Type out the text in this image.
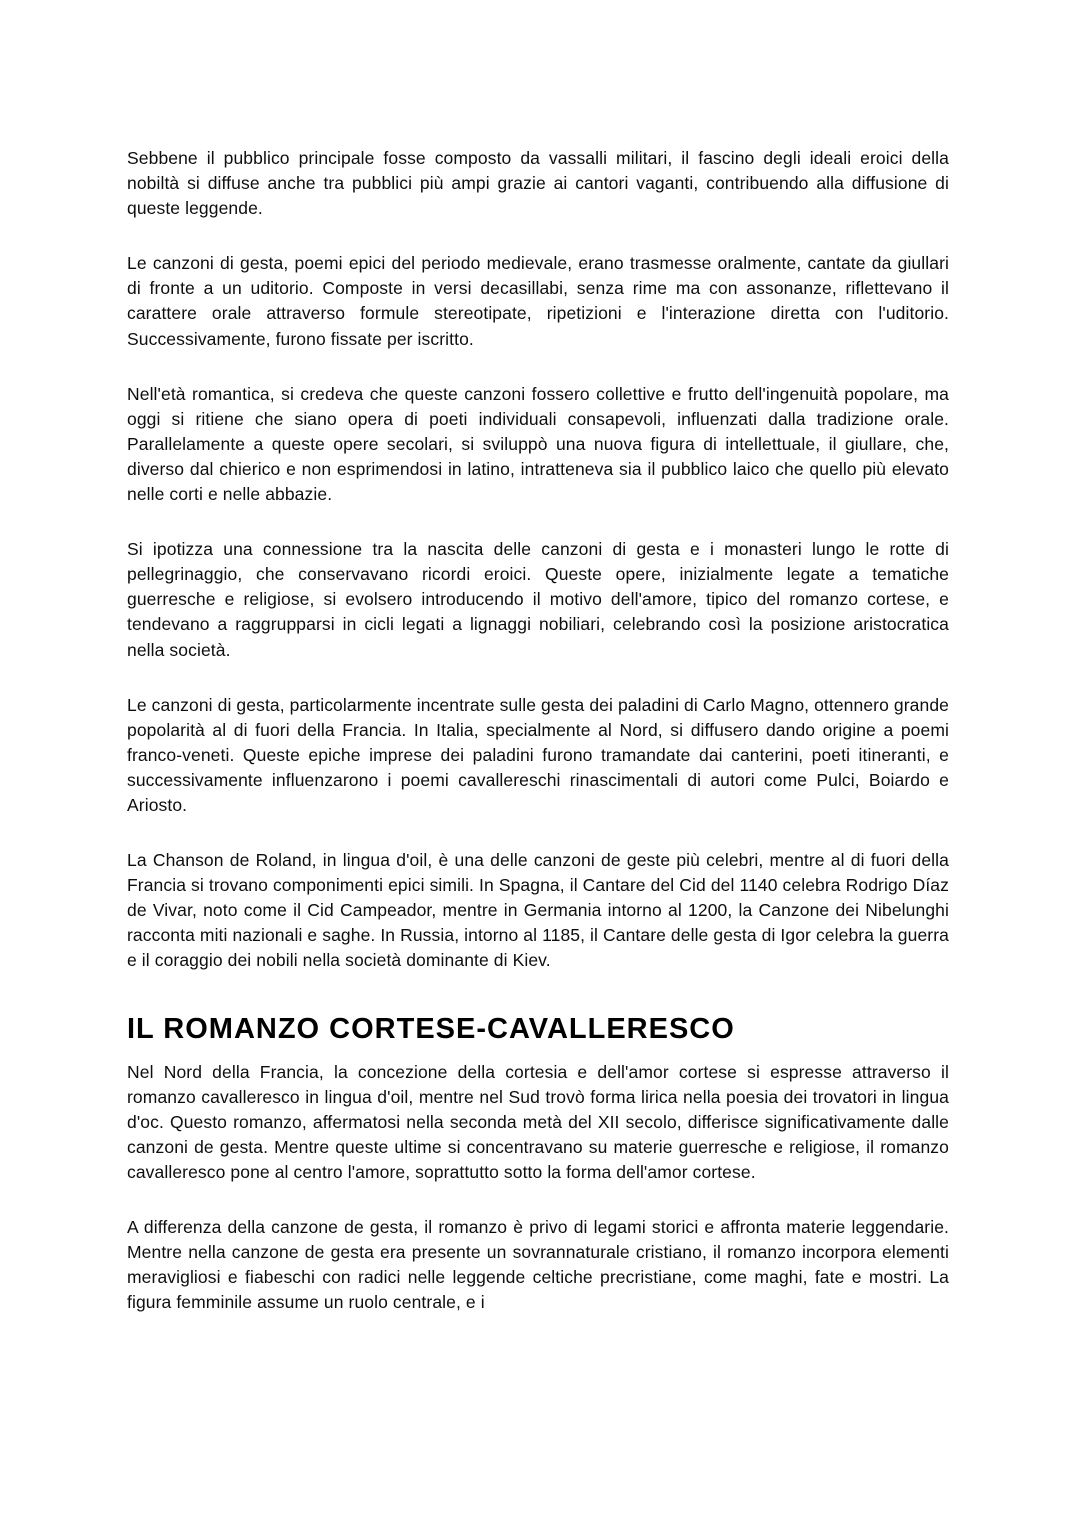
Sebbene il pubblico principale fosse composto da vassalli militari, il fascino degli ideali eroici della nobiltà si diffuse anche tra pubblici più ampi grazie ai cantori vaganti, contribuendo alla diffusione di queste leggende.

Le canzoni di gesta, poemi epici del periodo medievale, erano trasmesse oralmente, cantate da giullari di fronte a un uditorio. Composte in versi decasillabi, senza rime ma con assonanze, riflettevano il carattere orale attraverso formule stereotipate, ripetizioni e l'interazione diretta con l'uditorio. Successivamente, furono fissate per iscritto.

Nell'età romantica, si credeva che queste canzoni fossero collettive e frutto dell'ingenuità popolare, ma oggi si ritiene che siano opera di poeti individuali consapevoli, influenzati dalla tradizione orale. Parallelamente a queste opere secolari, si sviluppò una nuova figura di intellettuale, il giullare, che, diverso dal chierico e non esprimendosi in latino, intratteneva sia il pubblico laico che quello più elevato nelle corti e nelle abbazie.

Si ipotizza una connessione tra la nascita delle canzoni di gesta e i monasteri lungo le rotte di pellegrinaggio, che conservavano ricordi eroici. Queste opere, inizialmente legate a tematiche guerresche e religiose, si evolsero introducendo il motivo dell'amore, tipico del romanzo cortese, e tendevano a raggrupparsi in cicli legati a lignaggi nobiliari, celebrando così la posizione aristocratica nella società.

Le canzoni di gesta, particolarmente incentrate sulle gesta dei paladini di Carlo Magno, ottennero grande popolarità al di fuori della Francia. In Italia, specialmente al Nord, si diffusero dando origine a poemi franco-veneti. Queste epiche imprese dei paladini furono tramandate dai canterini, poeti itineranti, e successivamente influenzarono i poemi cavallereschi rinascimentali di autori come Pulci, Boiardo e Ariosto.

La Chanson de Roland, in lingua d'oil, è una delle canzoni de geste più celebri, mentre al di fuori della Francia si trovano componimenti epici simili. In Spagna, il Cantare del Cid del 1140 celebra Rodrigo Díaz de Vivar, noto come il Cid Campeador, mentre in Germania intorno al 1200, la Canzone dei Nibelunghi racconta miti nazionali e saghe. In Russia, intorno al 1185, il Cantare delle gesta di Igor celebra la guerra e il coraggio dei nobili nella società dominante di Kiev.

IL ROMANZO CORTESE-CAVALLERESCO

Nel Nord della Francia, la concezione della cortesia e dell'amor cortese si espresse attraverso il romanzo cavalleresco in lingua d'oil, mentre nel Sud trovò forma lirica nella poesia dei trovatori in lingua d'oc. Questo romanzo, affermatosi nella seconda metà del XII secolo, differisce significativamente dalle canzoni de gesta. Mentre queste ultime si concentravano su materie guerresche e religiose, il romanzo cavalleresco pone al centro l'amore, soprattutto sotto la forma dell'amor cortese.

A differenza della canzone de gesta, il romanzo è privo di legami storici e affronta materie leggendarie. Mentre nella canzone de gesta era presente un sovrannaturale cristiano, il romanzo incorpora elementi meravigliosi e fiabeschi con radici nelle leggende celtiche precristiane, come maghi, fate e mostri. La figura femminile assume un ruolo centrale, e i
